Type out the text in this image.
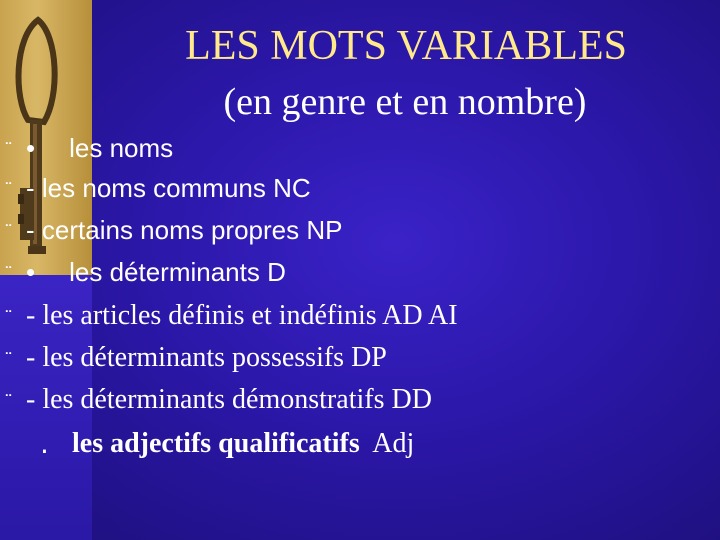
LES MOTS VARIABLES
(en genre et en nombre)
¨ • les noms
¨ - les noms communs NC
¨ - certains noms propres NP
¨ • les déterminants D
¨ - les articles définis et indéfinis AD AI
¨ - les déterminants possessifs DP
¨ - les déterminants démonstratifs DD
. les adjectifs qualificatifs Adj
